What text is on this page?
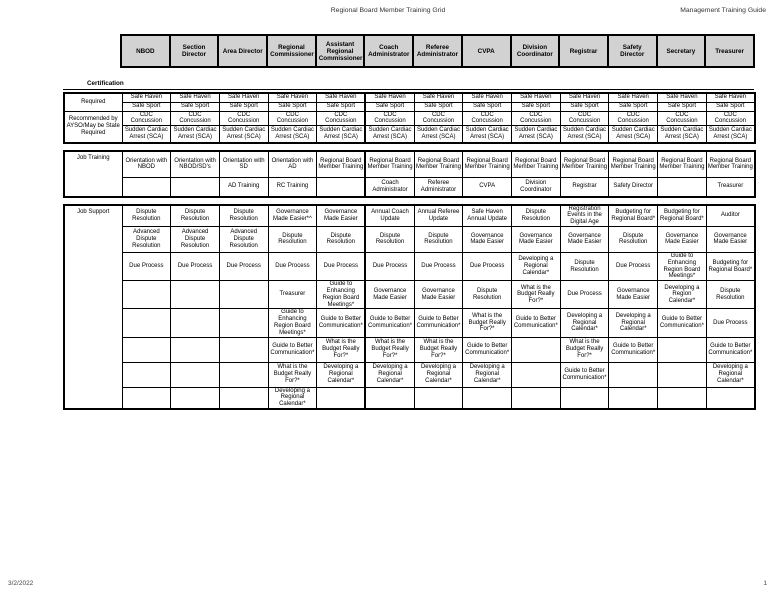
Regional Board Member Training Grid	Management Training Guide
	NBOD	Section Director	Area Director	Regional Commissioner	Assistant Regional Commissioner	Coach Administrator	Referee Administrator	CVPA	Division Coordinator	Registrar	Safety Director	Secretary	Treasurer
Certification
Required	Safe Haven	Safe Haven	Safe Haven	Safe Haven	Safe Haven	Safe Haven	Safe Haven	Safe Haven	Safe Haven	Safe Haven	Safe Haven	Safe Haven	Safe Haven
	Safe Sport	Safe Sport	Safe Sport	Safe Sport	Safe Sport	Safe Sport	Safe Sport	Safe Sport	Safe Sport	Safe Sport	Safe Sport	Safe Sport	Safe Sport
Recommended by AYSO/May be State Required	CDC Concussion	CDC Concussion	CDC Concussion	CDC Concussion	CDC Concussion	CDC Concussion	CDC Concussion	CDC Concussion	CDC Concussion	CDC Concussion	CDC Concussion	CDC Concussion	CDC Concussion
	Sudden Cardiac Arrest (SCA)	Sudden Cardiac Arrest (SCA)	Sudden Cardiac Arrest (SCA)	Sudden Cardiac Arrest (SCA)	Sudden Cardiac Arrest (SCA)	Sudden Cardiac Arrest (SCA)	Sudden Cardiac Arrest (SCA)	Sudden Cardiac Arrest (SCA)	Sudden Cardiac Arrest (SCA)	Sudden Cardiac Arrest (SCA)	Sudden Cardiac Arrest (SCA)	Sudden Cardiac Arrest (SCA)	Sudden Cardiac Arrest (SCA)
Job Training	Orientation with NBOD	Orientation with NBOD/SD's	Orientation with SD	Orientation with AD	Regional Board Member Training	Regional Board Member Training	Regional Board Member Training	Regional Board Member Training	Regional Board Member Training	Regional Board Member Training	Regional Board Member Training	Regional Board Member Training	Regional Board Member Training
			AD Training	RC Training		Coach Administrator	Referee Administrator	CVPA	Division Coordinator	Registrar	Safety Director		Treasurer
Job Support	Dispute Resolution	Dispute Resolution	Dispute Resolution	Governance Made Easier*^	Governance Made Easier	Annual Coach Update	Annual Referee Update	Safe Haven Annual Update	Dispute Resolution	Registration Events in the Digital Age	Budgeting for Regional Board*	Budgeting for Regional Board*	Auditor
	Advanced Dispute Resolution	Advanced Dispute Resolution	Advanced Dispute Resolution	Dispute Resolution	Dispute Resolution	Dispute Resolution	Dispute Resolution	Governance Made Easier	Governance Made Easier	Governance Made Easier	Dispute Resolution	Governance Made Easier	Governance Made Easier
	Due Process	Due Process	Due Process	Due Process	Due Process	Due Process	Due Process	Due Process	Developing a Regional Calendar*	Dispute Resolution	Due Process	Guide to Enhancing Region Board Meetings*	Budgeting for Regional Board*
				Treasurer	Guide to Enhancing Region Board Meetings*	Governance Made Easier	Governance Made Easier	Dispute Resolution	What is the Budget Really For?*	Due Process	Governance Made Easier	Developing a Region Calendar*	Dispute Resolution
				Guide to Enhancing Region Board Meetings*	Guide to Better Communication*	Guide to Better Communication*	Guide to Better Communication*	What is the Budget Really For?*	Guide to Better Communication*	Developing a Regional Calendar*	Developing a Regional Calendar*	Guide to Better Communication*	Due Process
				Guide to Better Communication*	What is the Budget Really For?*	What is the Budget Really For?*	What is the Budget Really For?*	Guide to Better Communication*		What is the Budget Really For?*	Guide to Better Communication*		Guide to Better Communication*
				What is the Budget Really For?*	Developing a Regional Calendar*	Developing a Regional Calendar*	Developing a Regional Calendar*	Developing a Regional Calendar*		Guide to Better Communication*			Developing a Regional Calendar*
				Developing a Regional Calendar*									
3/2/2022	1
